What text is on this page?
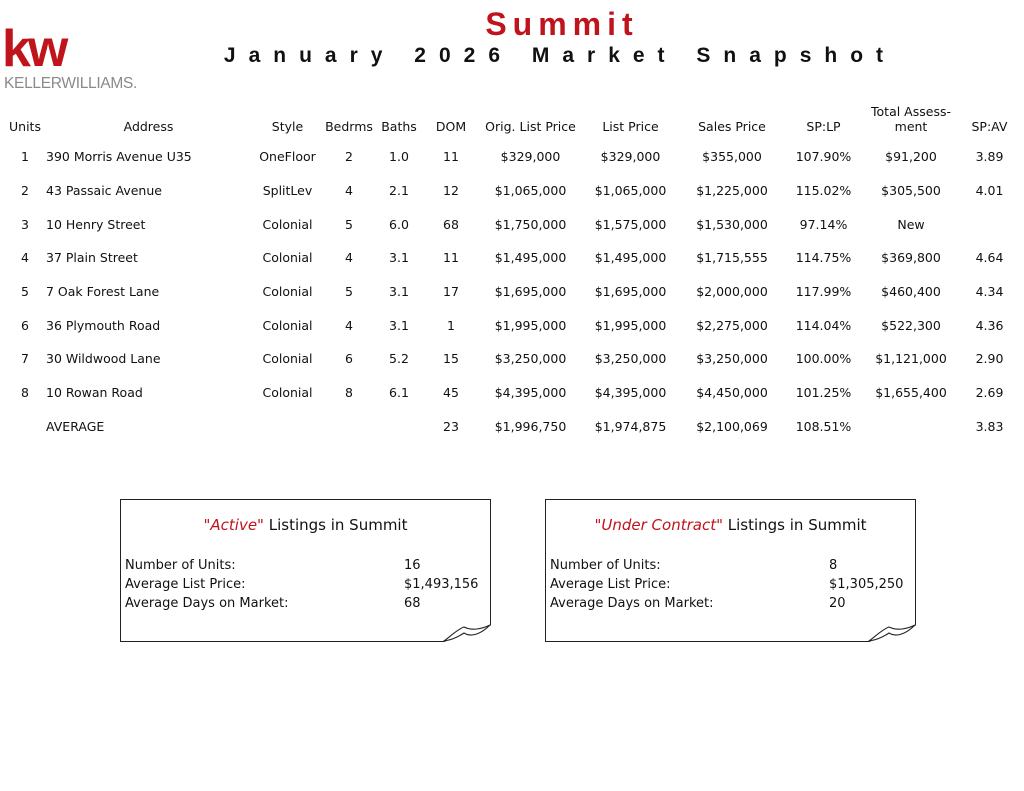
kw
KELLERWILLIAMS.
Summit
January 2026 Market Snapshot
Units	Address	Style	Bedrms	Baths	DOM	Orig. List Price	List Price	Sales Price	SP:LP	Total Assess-ment	SP:AV
1	390 Morris Avenue U35	OneFloor	2	1.0	11	$329,000	$329,000	$355,000	107.90%	$91,200	3.89
2	43 Passaic Avenue	SplitLev	4	2.1	12	$1,065,000	$1,065,000	$1,225,000	115.02%	$305,500	4.01
3	10 Henry Street	Colonial	5	6.0	68	$1,750,000	$1,575,000	$1,530,000	97.14%	New	
4	37 Plain Street	Colonial	4	3.1	11	$1,495,000	$1,495,000	$1,715,555	114.75%	$369,800	4.64
5	7 Oak Forest Lane	Colonial	5	3.1	17	$1,695,000	$1,695,000	$2,000,000	117.99%	$460,400	4.34
6	36 Plymouth Road	Colonial	4	3.1	1	$1,995,000	$1,995,000	$2,275,000	114.04%	$522,300	4.36
7	30 Wildwood Lane	Colonial	6	5.2	15	$3,250,000	$3,250,000	$3,250,000	100.00%	$1,121,000	2.90
8	10 Rowan Road	Colonial	8	6.1	45	$4,395,000	$4,395,000	$4,450,000	101.25%	$1,655,400	2.69
	AVERAGE				23	$1,996,750	$1,974,875	$2,100,069	108.51%		3.83
"Active" Listings in Summit
Number of Units:	16
Average List Price:	$1,493,156
Average Days on Market:	68
"Under Contract" Listings in Summit
Number of Units:	8
Average List Price:	$1,305,250
Average Days on Market:	20
